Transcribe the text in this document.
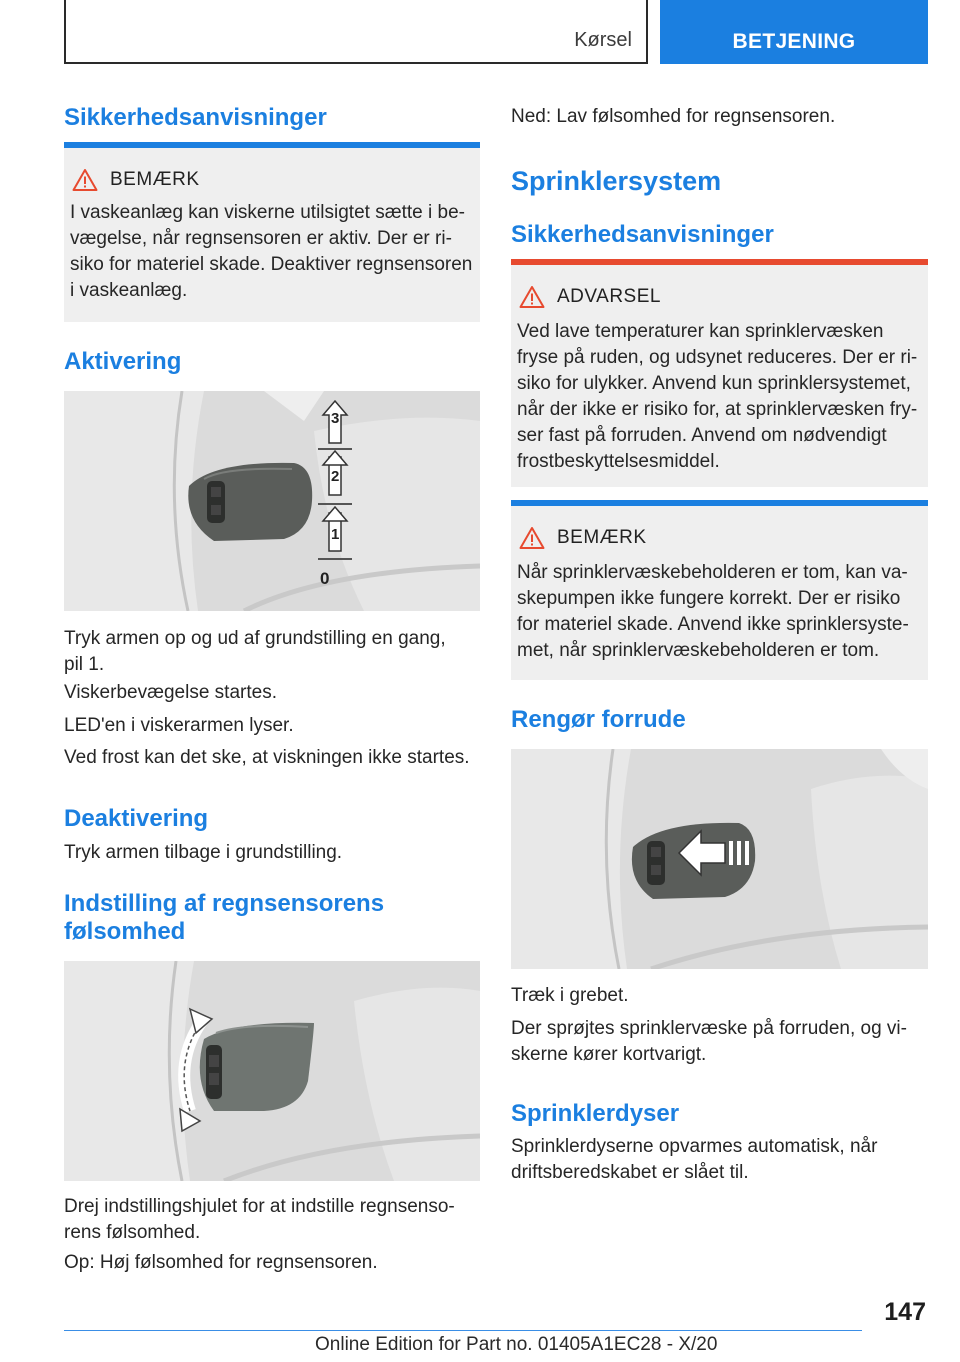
Kørsel	BETJENING
Sikkerhedsanvisninger
BEMÆRK
I vaskeanlæg kan viskerne utilsigtet sætte i be-
vægelse, når regnsensoren er aktiv. Der er ri-
siko for materiel skade. Deaktiver regnsensoren
i vaskeanlæg.
Aktivering
3
2
1
0

Tryk armen op og ud af grundstilling en gang,
pil 1.

Viskerbevægelse startes.

LED'en i viskerarmen lyser.

Ved frost kan det ske, at viskningen ikke startes.

Deaktivering

Tryk armen tilbage i grundstilling.

Indstilling af regnsensorens
følsomhed

Drej indstillingshjulet for at indstille regnsenso-
rens følsomhed.

Op: Høj følsomhed for regnsensoren.

Ned: Lav følsomhed for regnsensoren.

Sprinklersystem
Sikkerhedsanvisninger
ADVARSEL
Ved lave temperaturer kan sprinklervæsken
fryse på ruden, og udsynet reduceres. Der er ri-
siko for ulykker. Anvend kun sprinklersystemet,
når der ikke er risiko for, at sprinklervæsken fry-
ser fast på forruden. Anvend om nødvendigt
frostbeskyttelsesmiddel.
BEMÆRK
Når sprinklervæskebeholderen er tom, kan va-
skepumpen ikke fungere korrekt. Der er risiko
for materiel skade. Anvend ikke sprinklersyste-
met, når sprinklervæskebeholderen er tom.
Rengør forrude

Træk i grebet.

Der sprøjtes sprinklervæske på forruden, og vi-
skerne kører kortvarigt.

Sprinklerdyser

Sprinklerdyserne opvarmes automatisk, når
driftsberedskabet er slået til.

147
Online Edition for Part no. 01405A1EC28 - X/20
